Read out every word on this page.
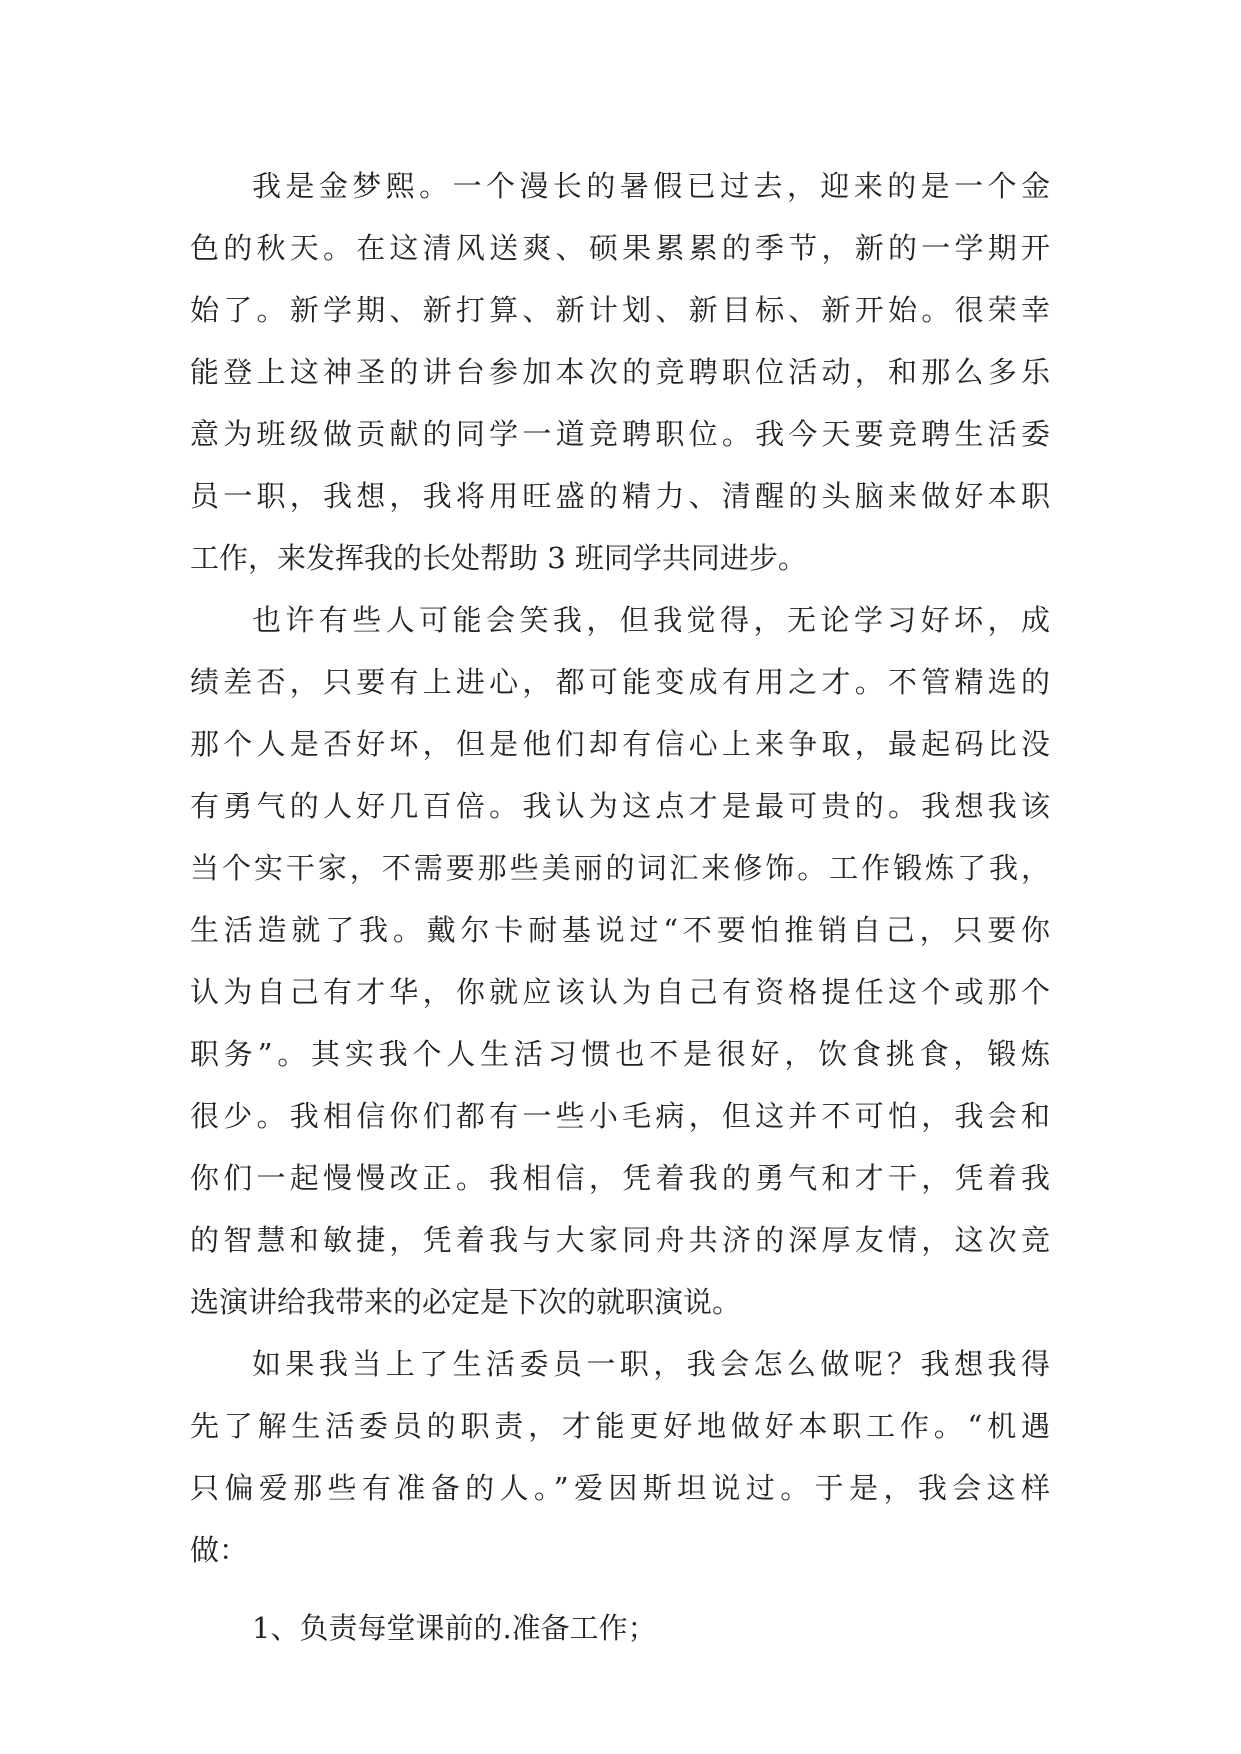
我是金梦熙。一个漫长的暑假已过去，迎来的是一个金
色的秋天。在这清风送爽、硕果累累的季节，新的一学期开
始了。新学期、新打算、新计划、新目标、新开始。很荣幸
能登上这神圣的讲台参加本次的竞聘职位活动，和那么多乐
意为班级做贡献的同学一道竞聘职位。我今天要竞聘生活委
员一职，我想，我将用旺盛的精力、清醒的头脑来做好本职
工作，来发挥我的长处帮助 3 班同学共同进步。
也许有些人可能会笑我，但我觉得，无论学习好坏，成
绩差否，只要有上进心，都可能变成有用之才。不管精选的
那个人是否好坏，但是他们却有信心上来争取，最起码比没
有勇气的人好几百倍。我认为这点才是最可贵的。我想我该
当个实干家，不需要那些美丽的词汇来修饰。工作锻炼了我，
生活造就了我。戴尔卡耐基说过“不要怕推销自己，只要你
认为自己有才华，你就应该认为自己有资格提任这个或那个
职务”。其实我个人生活习惯也不是很好，饮食挑食，锻炼
很少。我相信你们都有一些小毛病，但这并不可怕，我会和
你们一起慢慢改正。我相信，凭着我的勇气和才干，凭着我
的智慧和敏捷，凭着我与大家同舟共济的深厚友情，这次竞
选演讲给我带来的必定是下次的就职演说。
如果我当上了生活委员一职，我会怎么做呢？我想我得
先了解生活委员的职责，才能更好地做好本职工作。“机遇
只偏爱那些有准备的人。”爱因斯坦说过。于是，我会这样
做：
1、负责每堂课前的.准备工作；
